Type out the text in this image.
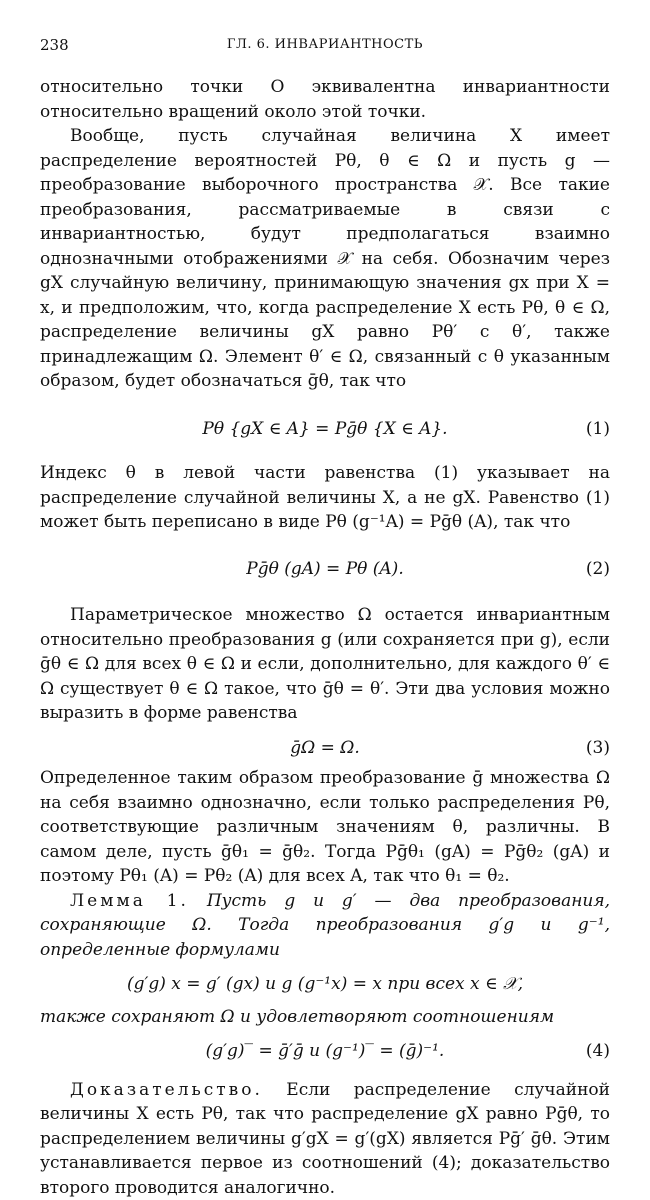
238	ГЛ. 6. ИНВАРИАНТНОСТЬ

относительно точки O эквивалентна инвариантности относительно вращений около этой точки.

Вообще, пусть случайная величина X имеет распределение вероятностей Pθ, θ ∈ Ω и пусть g — преобразование выборочного пространства 𝒳. Все такие преобразования, рассматриваемые в связи с инвариантностью, будут предполагаться взаимно однозначными отображениями 𝒳 на себя. Обозначим через gX случайную величину, принимающую значения gx при X = x, и предположим, что, когда распределение X есть Pθ, θ ∈ Ω, распределение величины gX равно Pθ′ с θ′, также принадлежащим Ω. Элемент θ′ ∈ Ω, связанный с θ указанным образом, будет обозначаться ḡθ, так что

Pθ {gX ∈ A} = Pḡθ {X ∈ A}.	(1)

Индекс θ в левой части равенства (1) указывает на распределение случайной величины X, а не gX. Равенство (1) может быть переписано в виде Pθ (g⁻¹A) = Pḡθ (A), так что

Pḡθ (gA) = Pθ (A).	(2)

Параметрическое множество Ω остается инвариантным относительно преобразования g (или сохраняется при g), если ḡθ ∈ Ω для всех θ ∈ Ω и если, дополнительно, для каждого θ′ ∈ Ω существует θ ∈ Ω такое, что ḡθ = θ′. Эти два условия можно выразить в форме равенства

ḡΩ = Ω.	(3)

Определенное таким образом преобразование ḡ множества Ω на себя взаимно однозначно, если только распределения Pθ, соответствующие различным значениям θ, различны. В самом деле, пусть ḡθ₁ = ḡθ₂. Тогда Pḡθ₁ (gA) = Pḡθ₂ (gA) и поэтому Pθ₁ (A) = Pθ₂ (A) для всех A, так что θ₁ = θ₂.

Лемма 1. Пусть g и g′ — два преобразования, сохраняющие Ω. Тогда преобразования g′g и g⁻¹, определенные формулами

(g′g) x = g′ (gx) и g (g⁻¹x) = x при всех x ∈ 𝒳,

также сохраняют Ω и удовлетворяют соотношениям

(g′g)‾ = ḡ′ḡ и (g⁻¹)‾ = (ḡ)⁻¹.	(4)

Доказательство. Если распределение случайной величины X есть Pθ, так что распределение gX равно Pḡθ, то распределением величины g′gX = g′(gX) является Pḡ′ ḡθ. Этим устанавливается первое из соотношений (4); доказательство второго проводится аналогично.
